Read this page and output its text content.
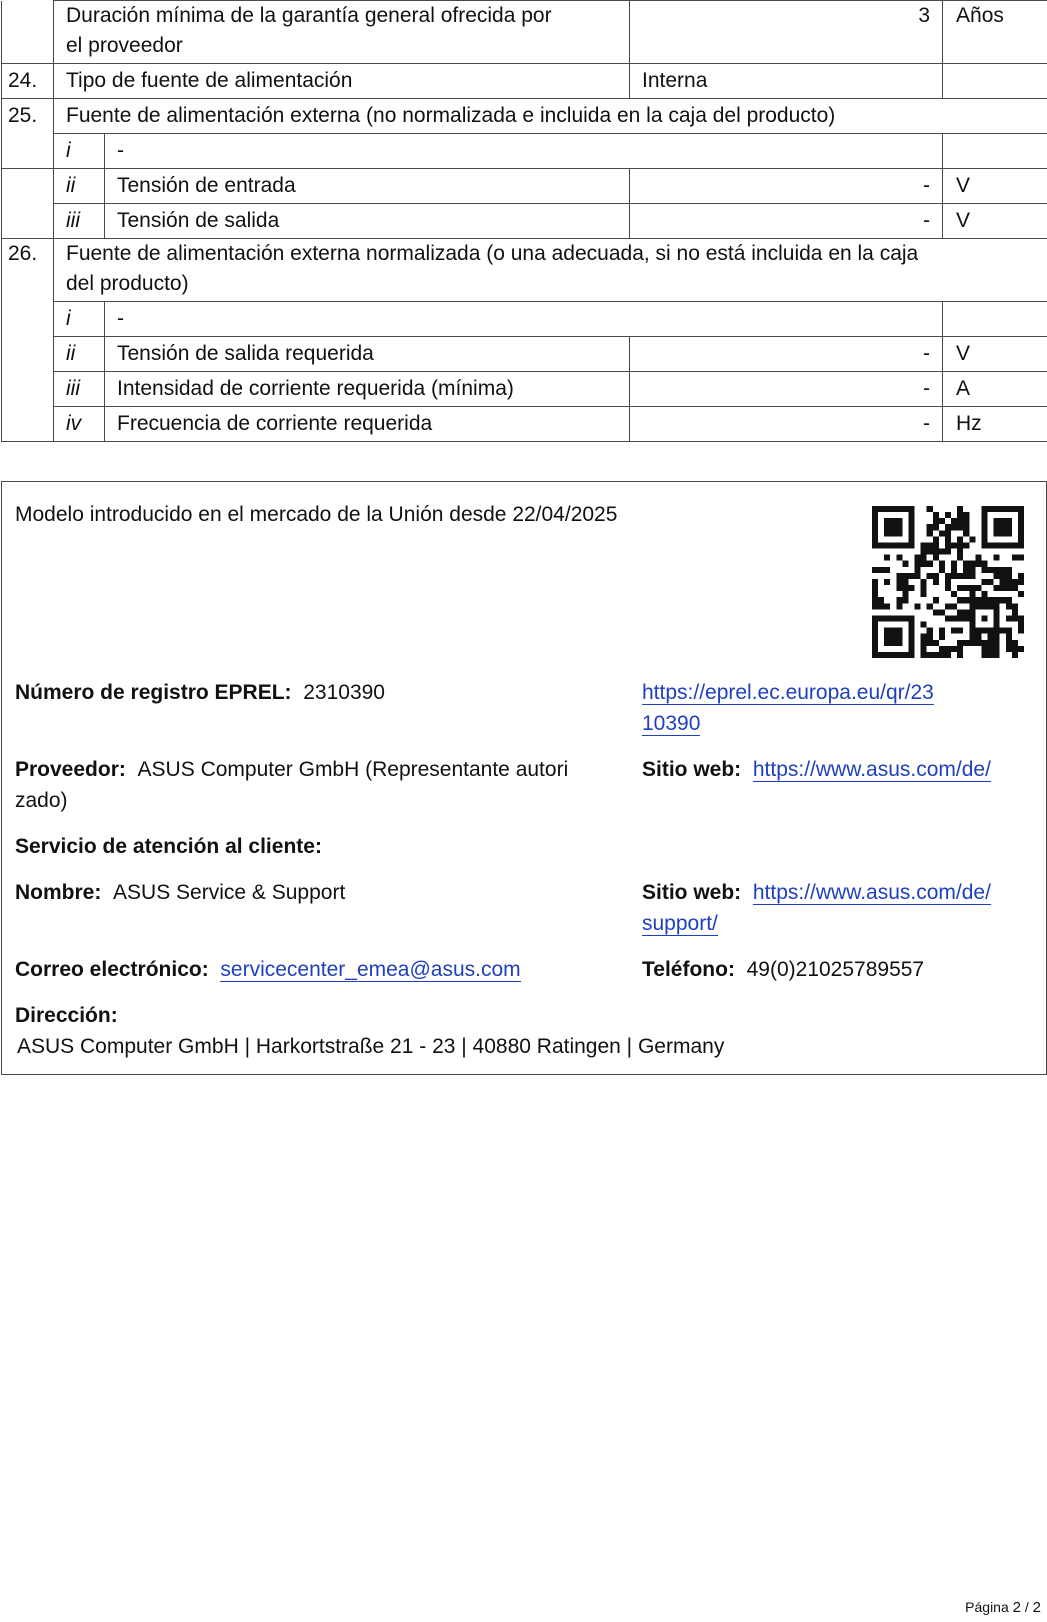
	Duración mínima de la garantía general ofrecida por
el proveedor		3	Años
24.	Tipo de fuente de alimentación		Interna	
25.	Fuente de alimentación externa (no normalizada e incluida en la caja del producto)			
	i	-		
	ii	Tensión de entrada	-	V
	iii	Tensión de salida	-	V
26.	Fuente de alimentación externa normalizada (o una adecuada, si no está incluida en la caja
del producto)			
	i	-		
	ii	Tensión de salida requerida	-	V
	iii	Intensidad de corriente requerida (mínima)	-	A
	iv	Frecuencia de corriente requerida	-	Hz
Modelo introducido en el mercado de la Unión desde 22/04/2025
Número de registro EPREL: 2310390	https://eprel.ec.europa.eu/qr/23
10390
Proveedor: ASUS Computer GmbH (Representante autori
zado)
Sitio web: https://www.asus.com/de/
Servicio de atención al cliente:
Nombre: ASUS Service & Support	Sitio web: https://www.asus.com/de/
support/
Correo electrónico: servicecenter_emea@asus.com	Teléfono: 49(0)21025789557
Dirección:
ASUS Computer GmbH | Harkortstraße 21 - 23 | 40880 Ratingen | Germany
Página 2 / 2
